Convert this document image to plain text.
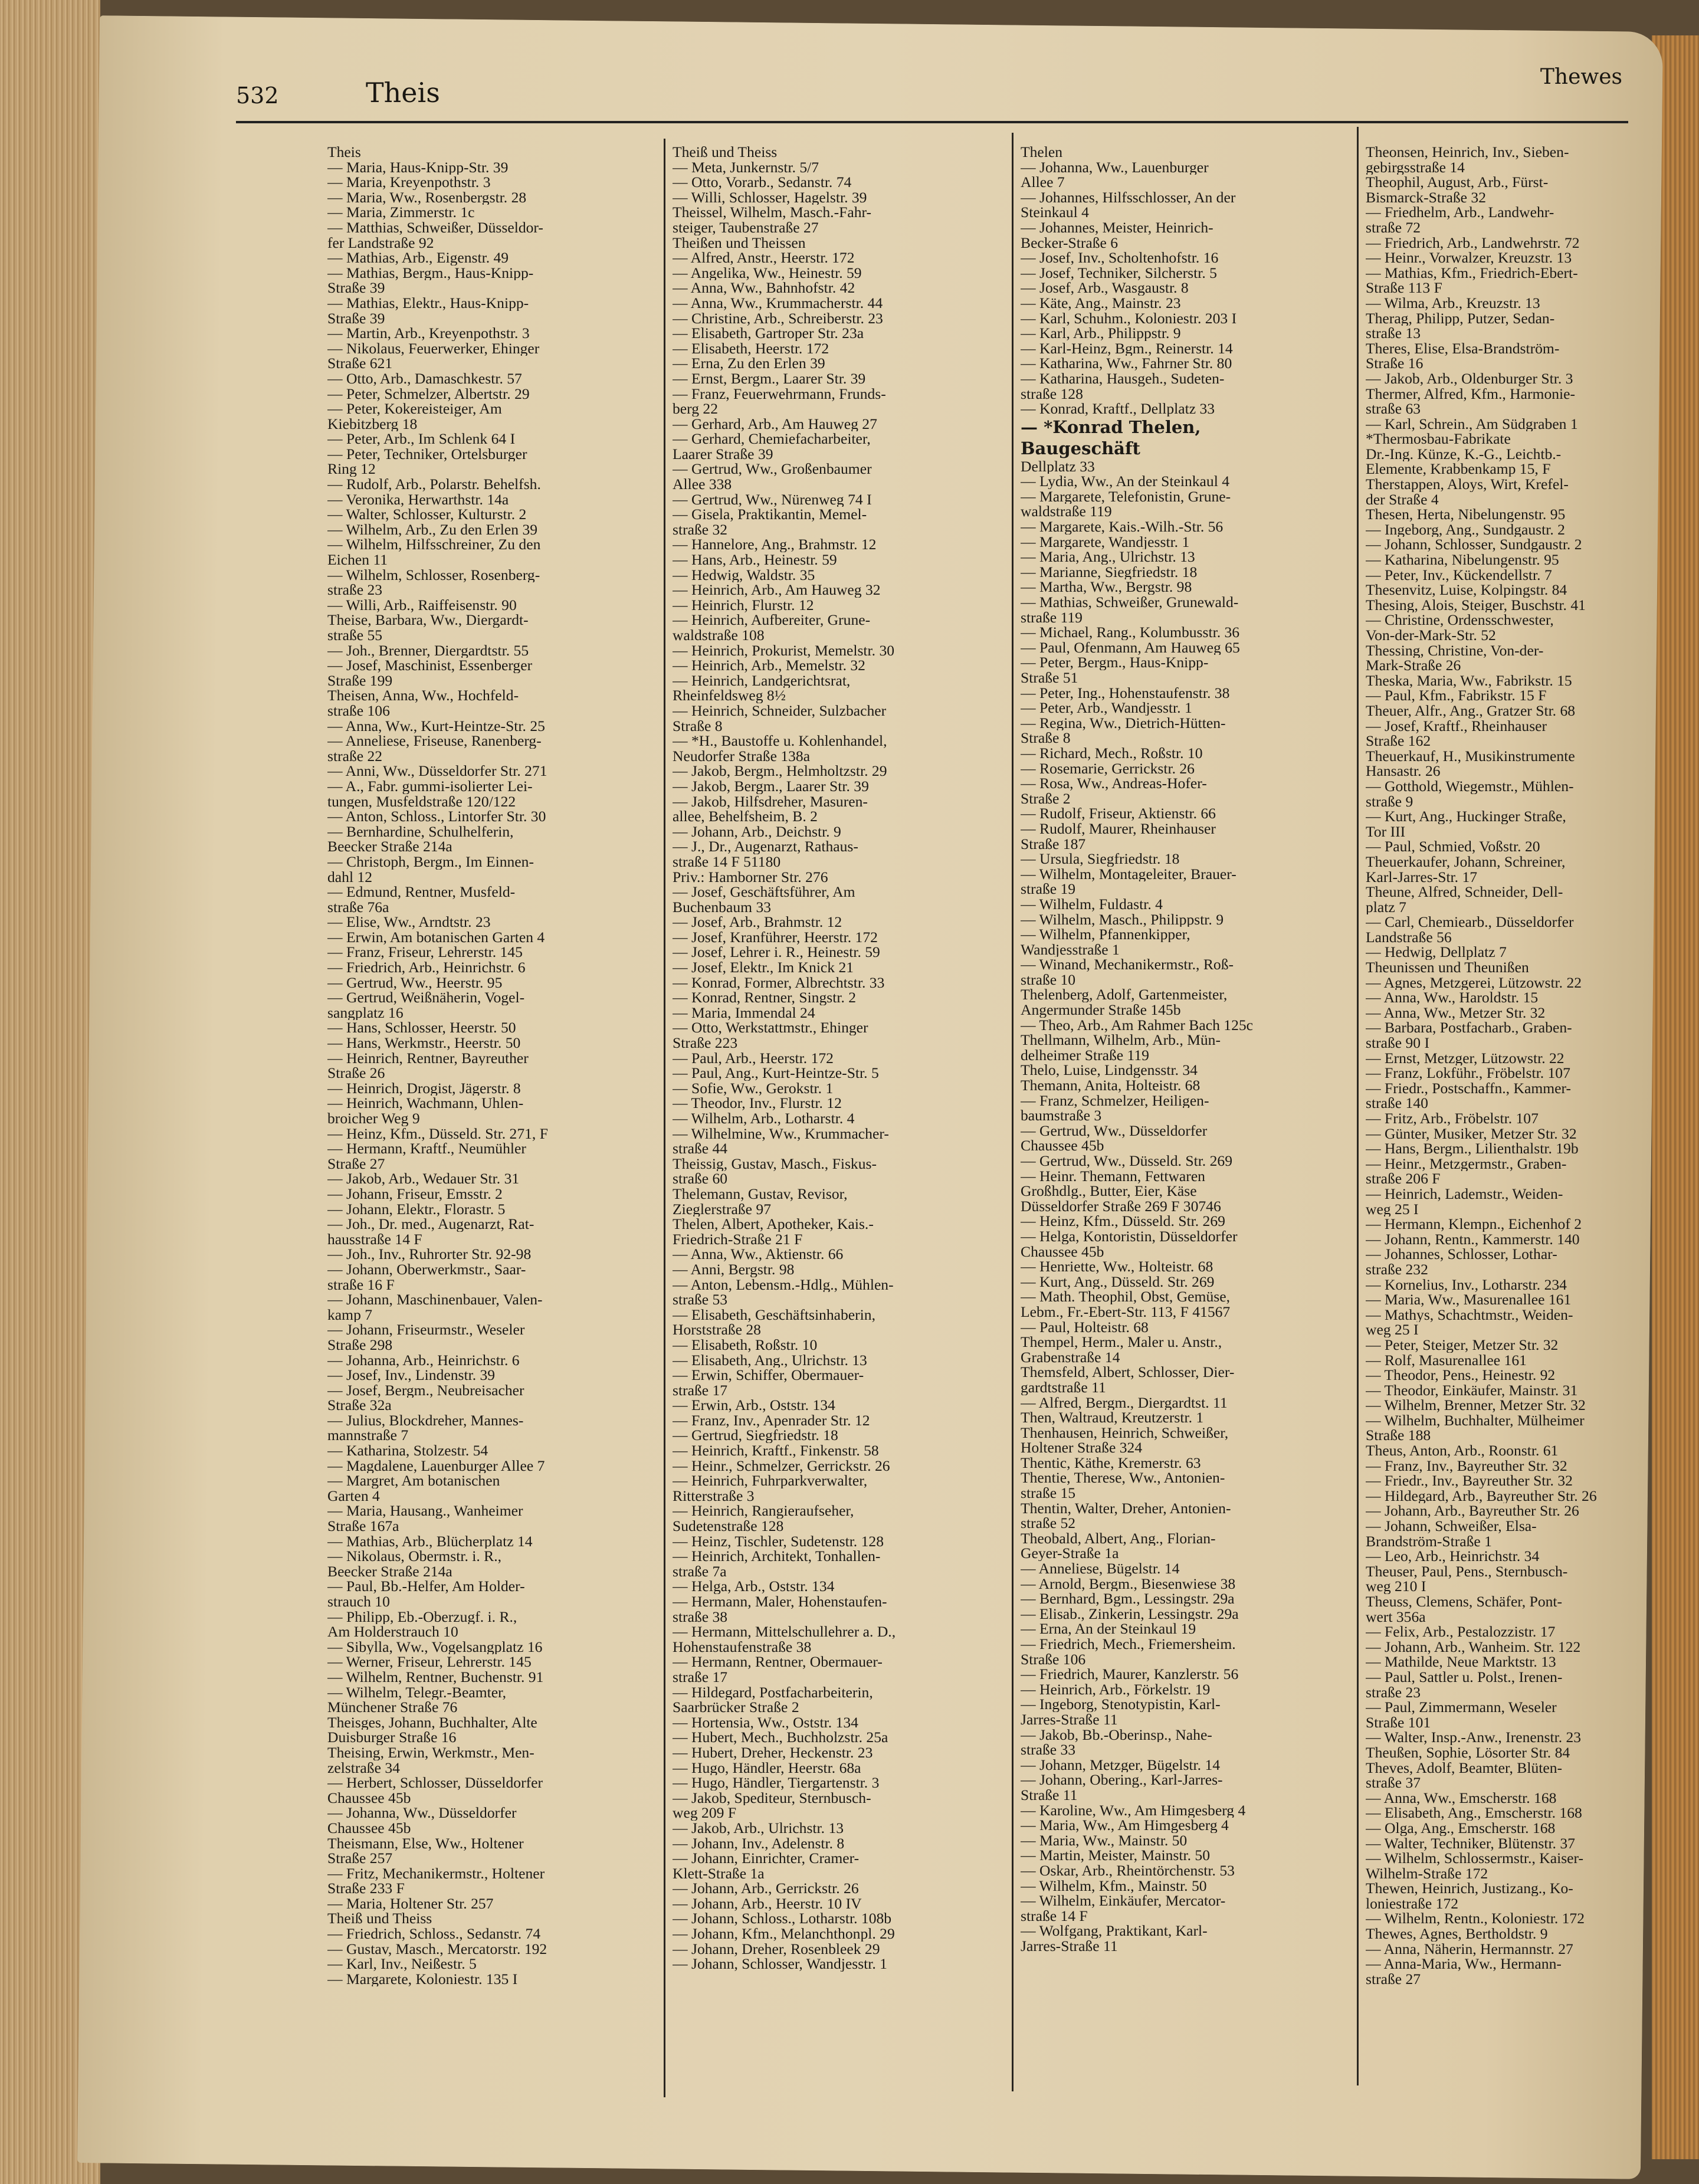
532	Theis	Thewes
Theis
— Maria, Haus-Knipp-Str. 39
— Maria, Kreyenpothstr. 3
— Maria, Ww., Rosenbergstr. 28
— Maria, Zimmerstr. 1c
— Matthias, Schweißer, Düsseldor-
fer Landstraße 92
— Mathias, Arb., Eigenstr. 49
— Mathias, Bergm., Haus-Knipp-
Straße 39
— Mathias, Elektr., Haus-Knipp-
Straße 39
— Martin, Arb., Kreyenpothstr. 3
— Nikolaus, Feuerwerker, Ehinger
Straße 621
— Otto, Arb., Damaschkestr. 57
— Peter, Schmelzer, Albertstr. 29
— Peter, Kokereisteiger, Am
Kiebitzberg 18
— Peter, Arb., Im Schlenk 64 I
— Peter, Techniker, Ortelsburger
Ring 12
— Rudolf, Arb., Polarstr. Behelfsh.
— Veronika, Herwarthstr. 14a
— Walter, Schlosser, Kulturstr. 2
— Wilhelm, Arb., Zu den Erlen 39
— Wilhelm, Hilfsschreiner, Zu den
Eichen 11
— Wilhelm, Schlosser, Rosenberg-
straße 23
— Willi, Arb., Raiffeisenstr. 90
Theise, Barbara, Ww., Diergardt-
straße 55
— Joh., Brenner, Diergardtstr. 55
— Josef, Maschinist, Essenberger
Straße 199
Theisen, Anna, Ww., Hochfeld-
straße 106
— Anna, Ww., Kurt-Heintze-Str. 25
— Anneliese, Friseuse, Ranenberg-
straße 22
— Anni, Ww., Düsseldorfer Str. 271
— A., Fabr. gummi-isolierter Lei-
tungen, Musfeldstraße 120/122
— Anton, Schloss., Lintorfer Str. 30
— Bernhardine, Schulhelferin,
Beecker Straße 214a
— Christoph, Bergm., Im Einnen-
dahl 12
— Edmund, Rentner, Musfeld-
straße 76a
— Elise, Ww., Arndtstr. 23
— Erwin, Am botanischen Garten 4
— Franz, Friseur, Lehrerstr. 145
— Friedrich, Arb., Heinrichstr. 6
— Gertrud, Ww., Heerstr. 95
— Gertrud, Weißnäherin, Vogel-
sangplatz 16
— Hans, Schlosser, Heerstr. 50
— Hans, Werkmstr., Heerstr. 50
— Heinrich, Rentner, Bayreuther
Straße 26
— Heinrich, Drogist, Jägerstr. 8
— Heinrich, Wachmann, Uhlen-
broicher Weg 9
— Heinz, Kfm., Düsseld. Str. 271, F
— Hermann, Kraftf., Neumühler
Straße 27
— Jakob, Arb., Wedauer Str. 31
— Johann, Friseur, Emsstr. 2
— Johann, Elektr., Florastr. 5
— Joh., Dr. med., Augenarzt, Rat-
hausstraße 14 F
— Joh., Inv., Ruhrorter Str. 92-98
— Johann, Oberwerkmstr., Saar-
straße 16 F
— Johann, Maschinenbauer, Valen-
kamp 7
— Johann, Friseurmstr., Weseler
Straße 298
— Johanna, Arb., Heinrichstr. 6
— Josef, Inv., Lindenstr. 39
— Josef, Bergm., Neubreisacher
Straße 32a
— Julius, Blockdreher, Mannes-
mannstraße 7
— Katharina, Stolzestr. 54
— Magdalene, Lauenburger Allee 7
— Margret, Am botanischen
Garten 4
— Maria, Hausang., Wanheimer
Straße 167a
— Mathias, Arb., Blücherplatz 14
— Nikolaus, Obermstr. i. R.,
Beecker Straße 214a
— Paul, Bb.-Helfer, Am Holder-
strauch 10
— Philipp, Eb.-Oberzugf. i. R.,
Am Holderstrauch 10
— Sibylla, Ww., Vogelsangplatz 16
— Werner, Friseur, Lehrerstr. 145
— Wilhelm, Rentner, Buchenstr. 91
— Wilhelm, Telegr.-Beamter,
Münchener Straße 76
Theisges, Johann, Buchhalter, Alte
Duisburger Straße 16
Theising, Erwin, Werkmstr., Men-
zelstraße 34
— Herbert, Schlosser, Düsseldorfer
Chaussee 45b
— Johanna, Ww., Düsseldorfer
Chaussee 45b
Theismann, Else, Ww., Holtener
Straße 257
— Fritz, Mechanikermstr., Holtener
Straße 233 F
— Maria, Holtener Str. 257
Theiß und Theiss
— Friedrich, Schloss., Sedanstr. 74
— Gustav, Masch., Mercatorstr. 192
— Karl, Inv., Neißestr. 5
— Margarete, Koloniestr. 135 I
Theiß und Theiss
— Meta, Junkernstr. 5/7
— Otto, Vorarb., Sedanstr. 74
— Willi, Schlosser, Hagelstr. 39
Theissel, Wilhelm, Masch.-Fahr-
steiger, Taubenstraße 27
Theißen und Theissen
— Alfred, Anstr., Heerstr. 172
— Angelika, Ww., Heinestr. 59
— Anna, Ww., Bahnhofstr. 42
— Anna, Ww., Krummacherstr. 44
— Christine, Arb., Schreiberstr. 23
— Elisabeth, Gartroper Str. 23a
— Elisabeth, Heerstr. 172
— Erna, Zu den Erlen 39
— Ernst, Bergm., Laarer Str. 39
— Franz, Feuerwehrmann, Frunds-
berg 22
— Gerhard, Arb., Am Hauweg 27
— Gerhard, Chemiefacharbeiter,
Laarer Straße 39
— Gertrud, Ww., Großenbaumer
Allee 338
— Gertrud, Ww., Nürenweg 74 I
— Gisela, Praktikantin, Memel-
straße 32
— Hannelore, Ang., Brahmstr. 12
— Hans, Arb., Heinestr. 59
— Hedwig, Waldstr. 35
— Heinrich, Arb., Am Hauweg 32
— Heinrich, Flurstr. 12
— Heinrich, Aufbereiter, Grune-
waldstraße 108
— Heinrich, Prokurist, Memelstr. 30
— Heinrich, Arb., Memelstr. 32
— Heinrich, Landgerichtsrat,
Rheinfeldsweg 8½
— Heinrich, Schneider, Sulzbacher
Straße 8
— *H., Baustoffe u. Kohlenhandel,
Neudorfer Straße 138a
— Jakob, Bergm., Helmholtzstr. 29
— Jakob, Bergm., Laarer Str. 39
— Jakob, Hilfsdreher, Masuren-
allee, Behelfsheim, B. 2
— Johann, Arb., Deichstr. 9
— J., Dr., Augenarzt, Rathaus-
straße 14 F 51180
Priv.: Hamborner Str. 276
— Josef, Geschäftsführer, Am
Buchenbaum 33
— Josef, Arb., Brahmstr. 12
— Josef, Kranführer, Heerstr. 172
— Josef, Lehrer i. R., Heinestr. 59
— Josef, Elektr., Im Knick 21
— Konrad, Former, Albrechtstr. 33
— Konrad, Rentner, Singstr. 2
— Maria, Immendal 24
— Otto, Werkstattmstr., Ehinger
Straße 223
— Paul, Arb., Heerstr. 172
— Paul, Ang., Kurt-Heintze-Str. 5
— Sofie, Ww., Gerokstr. 1
— Theodor, Inv., Flurstr. 12
— Wilhelm, Arb., Lotharstr. 4
— Wilhelmine, Ww., Krummacher-
straße 44
Theissig, Gustav, Masch., Fiskus-
straße 60
Thelemann, Gustav, Revisor,
Zieglerstraße 97
Thelen, Albert, Apotheker, Kais.-
Friedrich-Straße 21 F
— Anna, Ww., Aktienstr. 66
— Anni, Bergstr. 98
— Anton, Lebensm.-Hdlg., Mühlen-
straße 53
— Elisabeth, Geschäftsinhaberin,
Horststraße 28
— Elisabeth, Roßstr. 10
— Elisabeth, Ang., Ulrichstr. 13
— Erwin, Schiffer, Obermauer-
straße 17
— Erwin, Arb., Oststr. 134
— Franz, Inv., Apenrader Str. 12
— Gertrud, Siegfriedstr. 18
— Heinrich, Kraftf., Finkenstr. 58
— Heinr., Schmelzer, Gerrickstr. 26
— Heinrich, Fuhrparkverwalter,
Ritterstraße 3
— Heinrich, Rangieraufseher,
Sudetenstraße 128
— Heinz, Tischler, Sudetenstr. 128
— Heinrich, Architekt, Tonhallen-
straße 7a
— Helga, Arb., Oststr. 134
— Hermann, Maler, Hohenstaufen-
straße 38
— Hermann, Mittelschullehrer a. D.,
Hohenstaufenstraße 38
— Hermann, Rentner, Obermauer-
straße 17
— Hildegard, Postfacharbeiterin,
Saarbrücker Straße 2
— Hortensia, Ww., Oststr. 134
— Hubert, Mech., Buchholzstr. 25a
— Hubert, Dreher, Heckenstr. 23
— Hugo, Händler, Heerstr. 68a
— Hugo, Händler, Tiergartenstr. 3
— Jakob, Spediteur, Sternbusch-
weg 209 F
— Jakob, Arb., Ulrichstr. 13
— Johann, Inv., Adelenstr. 8
— Johann, Einrichter, Cramer-
Klett-Straße 1a
— Johann, Arb., Gerrickstr. 26
— Johann, Arb., Heerstr. 10 IV
— Johann, Schloss., Lotharstr. 108b
— Johann, Kfm., Melanchthonpl. 29
— Johann, Dreher, Rosenbleek 29
— Johann, Schlosser, Wandjesstr. 1
Thelen
— Johanna, Ww., Lauenburger
Allee 7
— Johannes, Hilfsschlosser, An der
Steinkaul 4
— Johannes, Meister, Heinrich-
Becker-Straße 6
— Josef, Inv., Scholtenhofstr. 16
— Josef, Techniker, Silcherstr. 5
— Josef, Arb., Wasgaustr. 8
— Käte, Ang., Mainstr. 23
— Karl, Schuhm., Koloniestr. 203 I
— Karl, Arb., Philippstr. 9
— Karl-Heinz, Bgm., Reinerstr. 14
— Katharina, Ww., Fahrner Str. 80
— Katharina, Hausgeh., Sudeten-
straße 128
— Konrad, Kraftf., Dellplatz 33
— *Konrad Thelen,
Baugeschäft
Dellplatz 33
— Lydia, Ww., An der Steinkaul 4
— Margarete, Telefonistin, Grune-
waldstraße 119
— Margarete, Kais.-Wilh.-Str. 56
— Margarete, Wandjesstr. 1
— Maria, Ang., Ulrichstr. 13
— Marianne, Siegfriedstr. 18
— Martha, Ww., Bergstr. 98
— Mathias, Schweißer, Grunewald-
straße 119
— Michael, Rang., Kolumbusstr. 36
— Paul, Ofenmann, Am Hauweg 65
— Peter, Bergm., Haus-Knipp-
Straße 51
— Peter, Ing., Hohenstaufenstr. 38
— Peter, Arb., Wandjesstr. 1
— Regina, Ww., Dietrich-Hütten-
Straße 8
— Richard, Mech., Roßstr. 10
— Rosemarie, Gerrickstr. 26
— Rosa, Ww., Andreas-Hofer-
Straße 2
— Rudolf, Friseur, Aktienstr. 66
— Rudolf, Maurer, Rheinhauser
Straße 187
— Ursula, Siegfriedstr. 18
— Wilhelm, Montageleiter, Brauer-
straße 19
— Wilhelm, Fuldastr. 4
— Wilhelm, Masch., Philippstr. 9
— Wilhelm, Pfannenkipper,
Wandjesstraße 1
— Winand, Mechanikermstr., Roß-
straße 10
Thelenberg, Adolf, Gartenmeister,
Angermunder Straße 145b
— Theo, Arb., Am Rahmer Bach 125c
Thellmann, Wilhelm, Arb., Mün-
delheimer Straße 119
Thelo, Luise, Lindgensstr. 34
Themann, Anita, Holteistr. 68
— Franz, Schmelzer, Heiligen-
baumstraße 3
— Gertrud, Ww., Düsseldorfer
Chaussee 45b
— Gertrud, Ww., Düsseld. Str. 269
— Heinr. Themann, Fettwaren
Großhdlg., Butter, Eier, Käse
Düsseldorfer Straße 269 F 30746
— Heinz, Kfm., Düsseld. Str. 269
— Helga, Kontoristin, Düsseldorfer
Chaussee 45b
— Henriette, Ww., Holteistr. 68
— Kurt, Ang., Düsseld. Str. 269
— Math. Theophil, Obst, Gemüse,
Lebm., Fr.-Ebert-Str. 113, F 41567
— Paul, Holteistr. 68
Thempel, Herm., Maler u. Anstr.,
Grabenstraße 14
Themsfeld, Albert, Schlosser, Dier-
gardtstraße 11
— Alfred, Bergm., Diergardtst. 11
Then, Waltraud, Kreutzerstr. 1
Thenhausen, Heinrich, Schweißer,
Holtener Straße 324
Thentic, Käthe, Kremerstr. 63
Thentie, Therese, Ww., Antonien-
straße 15
Thentin, Walter, Dreher, Antonien-
straße 52
Theobald, Albert, Ang., Florian-
Geyer-Straße 1a
— Anneliese, Bügelstr. 14
— Arnold, Bergm., Biesenwiese 38
— Bernhard, Bgm., Lessingstr. 29a
— Elisab., Zinkerin, Lessingstr. 29a
— Erna, An der Steinkaul 19
— Friedrich, Mech., Friemersheim.
Straße 106
— Friedrich, Maurer, Kanzlerstr. 56
— Heinrich, Arb., Förkelstr. 19
— Ingeborg, Stenotypistin, Karl-
Jarres-Straße 11
— Jakob, Bb.-Oberinsp., Nahe-
straße 33
— Johann, Metzger, Bügelstr. 14
— Johann, Obering., Karl-Jarres-
Straße 11
— Karoline, Ww., Am Himgesberg 4
— Maria, Ww., Am Himgesberg 4
— Maria, Ww., Mainstr. 50
— Martin, Meister, Mainstr. 50
— Oskar, Arb., Rheintörchenstr. 53
— Wilhelm, Kfm., Mainstr. 50
— Wilhelm, Einkäufer, Mercator-
straße 14 F
— Wolfgang, Praktikant, Karl-
Jarres-Straße 11
Theonsen, Heinrich, Inv., Sieben-
gebirgsstraße 14
Theophil, August, Arb., Fürst-
Bismarck-Straße 32
— Friedhelm, Arb., Landwehr-
straße 72
— Friedrich, Arb., Landwehrstr. 72
— Heinr., Vorwalzer, Kreuzstr. 13
— Mathias, Kfm., Friedrich-Ebert-
Straße 113 F
— Wilma, Arb., Kreuzstr. 13
Therag, Philipp, Putzer, Sedan-
straße 13
Theres, Elise, Elsa-Brandström-
Straße 16
— Jakob, Arb., Oldenburger Str. 3
Thermer, Alfred, Kfm., Harmonie-
straße 63
— Karl, Schrein., Am Südgraben 1
*Thermosbau-Fabrikate
Dr.-Ing. Künze, K.-G., Leichtb.-
Elemente, Krabbenkamp 15, F
Therstappen, Aloys, Wirt, Krefel-
der Straße 4
Thesen, Herta, Nibelungenstr. 95
— Ingeborg, Ang., Sundgaustr. 2
— Johann, Schlosser, Sundgaustr. 2
— Katharina, Nibelungenstr. 95
— Peter, Inv., Kückendellstr. 7
Thesenvitz, Luise, Kolpingstr. 84
Thesing, Alois, Steiger, Buschstr. 41
— Christine, Ordensschwester,
Von-der-Mark-Str. 52
Thessing, Christine, Von-der-
Mark-Straße 26
Theska, Maria, Ww., Fabrikstr. 15
— Paul, Kfm., Fabrikstr. 15 F
Theuer, Alfr., Ang., Gratzer Str. 68
— Josef, Kraftf., Rheinhauser
Straße 162
Theuerkauf, H., Musikinstrumente
Hansastr. 26
— Gotthold, Wiegemstr., Mühlen-
straße 9
— Kurt, Ang., Huckinger Straße,
Tor III
— Paul, Schmied, Voßstr. 20
Theuerkaufer, Johann, Schreiner,
Karl-Jarres-Str. 17
Theune, Alfred, Schneider, Dell-
platz 7
— Carl, Chemiearb., Düsseldorfer
Landstraße 56
— Hedwig, Dellplatz 7
Theunissen und Theunißen
— Agnes, Metzgerei, Lützowstr. 22
— Anna, Ww., Haroldstr. 15
— Anna, Ww., Metzer Str. 32
— Barbara, Postfacharb., Graben-
straße 90 I
— Ernst, Metzger, Lützowstr. 22
— Franz, Lokführ., Fröbelstr. 107
— Friedr., Postschaffn., Kammer-
straße 140
— Fritz, Arb., Fröbelstr. 107
— Günter, Musiker, Metzer Str. 32
— Hans, Bergm., Lilienthalstr. 19b
— Heinr., Metzgermstr., Graben-
straße 206 F
— Heinrich, Lademstr., Weiden-
weg 25 I
— Hermann, Klempn., Eichenhof 2
— Johann, Rentn., Kammerstr. 140
— Johannes, Schlosser, Lothar-
straße 232
— Kornelius, Inv., Lotharstr. 234
— Maria, Ww., Masurenallee 161
— Mathys, Schachtmstr., Weiden-
weg 25 I
— Peter, Steiger, Metzer Str. 32
— Rolf, Masurenallee 161
— Theodor, Pens., Heinestr. 92
— Theodor, Einkäufer, Mainstr. 31
— Wilhelm, Brenner, Metzer Str. 32
— Wilhelm, Buchhalter, Mülheimer
Straße 188
Theus, Anton, Arb., Roonstr. 61
— Franz, Inv., Bayreuther Str. 32
— Friedr., Inv., Bayreuther Str. 32
— Hildegard, Arb., Bayreuther Str. 26
— Johann, Arb., Bayreuther Str. 26
— Johann, Schweißer, Elsa-
Brandström-Straße 1
— Leo, Arb., Heinrichstr. 34
Theuser, Paul, Pens., Sternbusch-
weg 210 I
Theuss, Clemens, Schäfer, Pont-
wert 356a
— Felix, Arb., Pestalozzistr. 17
— Johann, Arb., Wanheim. Str. 122
— Mathilde, Neue Marktstr. 13
— Paul, Sattler u. Polst., Irenen-
straße 23
— Paul, Zimmermann, Weseler
Straße 101
— Walter, Insp.-Anw., Irenenstr. 23
Theußen, Sophie, Lösorter Str. 84
Theves, Adolf, Beamter, Blüten-
straße 37
— Anna, Ww., Emscherstr. 168
— Elisabeth, Ang., Emscherstr. 168
— Olga, Ang., Emscherstr. 168
— Walter, Techniker, Blütenstr. 37
— Wilhelm, Schlossermstr., Kaiser-
Wilhelm-Straße 172
Thewen, Heinrich, Justizang., Ko-
loniestraße 172
— Wilhelm, Rentn., Koloniestr. 172
Thewes, Agnes, Bertholdstr. 9
— Anna, Näherin, Hermannstr. 27
— Anna-Maria, Ww., Hermann-
straße 27
